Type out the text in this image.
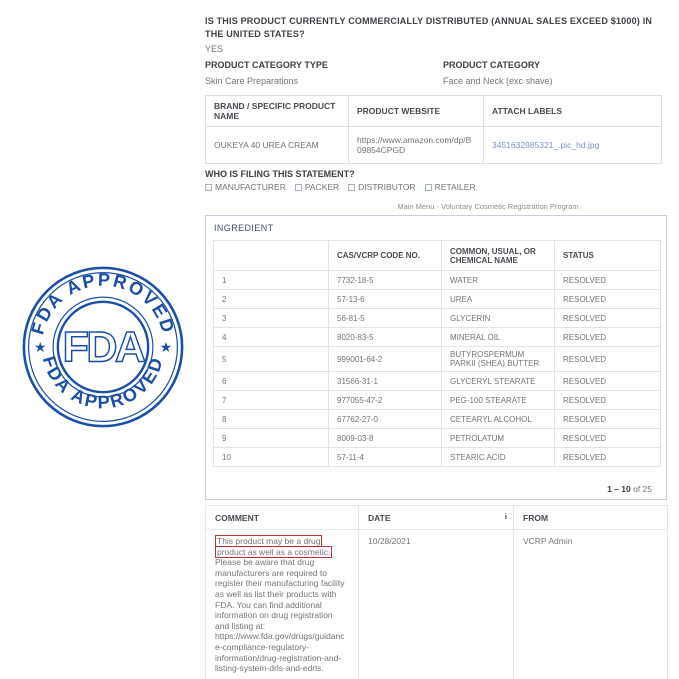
FDA APPROVED
FDA APPROVED
★	★
FDA
IS THIS PRODUCT CURRENTLY COMMERCIALLY DISTRIBUTED (ANNUAL SALES EXCEED $1000) IN THE UNITED STATES?
YES
PRODUCT CATEGORY TYPE	PRODUCT CATEGORY
Skin Care Preparations	Face and Neck (exc shave)
BRAND / SPECIFIC PRODUCT NAME	PRODUCT WEBSITE	ATTACH LABELS
OUKEYA 40 UREA CREAM	https://www.amazon.com/dp/B09854CPGD	3451632985321_.pic_hd.jpg
WHO IS FILING THIS STATEMENT?
MANUFACTURER PACKER DISTRIBUTOR RETAILER
Main Menu - Voluntary Cosmetic Registration Program
INGREDIENT
	CAS/VCRP CODE NO.	COMMON, USUAL, OR CHEMICAL NAME	STATUS
1	7732-18-5	WATER	RESOLVED
2	57-13-6	UREA	RESOLVED
3	56-81-5	GLYCERIN	RESOLVED
4	8020-83-5	MINERAL OIL	RESOLVED
5	999001-64-2	BUTYROSPERMUM PARKII (SHEA) BUTTER	RESOLVED
6	31566-31-1	GLYCERYL STEARATE	RESOLVED
7	977055-47-2	PEG-100 STEARATE	RESOLVED
8	67762-27-0	CETEARYL ALCOHOL	RESOLVED
9	8009-03-8	PETROLATUM	RESOLVED
10	57-11-4	STEARIC ACID	RESOLVED
1 – 10 of 25
COMMENT	DATE i	FROM

This product may be a drug product as well as a cosmetic. Please be aware that drug manufacturers are required to register their manufacturing facility as well as list their products with FDA. You can find additional information on drug registration and listing at: https://www.fda.gov/drugs/guidance-compliance-regulatory-information/drug-registration-and-listing-system-drls-and-edrls.	10/28/2021	VCRP Admin
